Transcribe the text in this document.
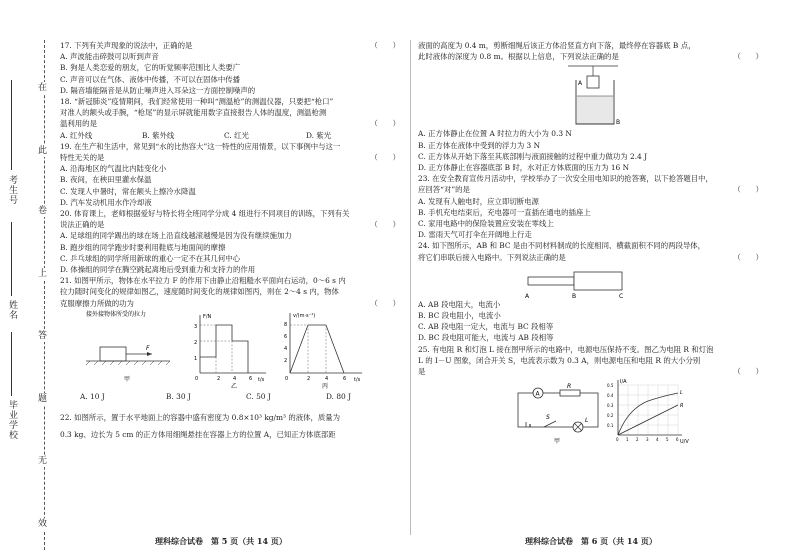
在
此
卷
上
答
题
无
效
考生号
姓名
毕业学校

17. 下列有关声现象的说法中，正确的是	（　　）

A. 声波能击碎鼓可以听到声音

B. 狗是人类恋爱的朋友，它的听觉频率范围比人类要广

C. 声音可以在气体、液体中传播，不可以在固体中传播

D. 隔音墙能隔音是从防止噪声进入耳朵这一方面控制噪声的

18. “新冠肺炎”疫情期间，我们经常使用一种叫“测温枪”的测温仪器，只要把“枪口”

对准人的额头或手腕，“枪尾”的显示屏就能用数字直接报告人体的温度，测温枪测

温利用的是	（　　）

A. 红外线	B. 紫外线	C. 红光	D. 紫光

19. 在生产和生活中，常见到“水的比热容大”这一特性的应用情景，以下事例中与这一

特性无关的是	（　　）

A. 沿海地区的气温比内陆变化小

B. 夜间，在秧田里灌水保温

C. 发现人中暑时，常在额头上擦冷水降温

D. 汽车发动机用水作冷却液

20. 体育课上，老师根据爱好与特长将全班同学分成 4 组进行不同项目的训练，下列有关

说法正确的是	（　　）

A. 足球组的同学踢出的球在场上沿直线越滚越慢是因为没有继续施加力

B. 跑步组的同学跑步时要利用鞋底与地面间的摩擦

C. 乒乓球组的同学所用新球的重心一定不在其几何中心

D. 体操组的同学在腾空跳起离地后受到重力和支持力的作用

21. 如图甲所示，物体在水平拉力 F 的作用下由静止沿粗糙水平面向右运动，0～6 s 内

拉力随时间变化的规律如图乙，速度随时间变化的规律如图丙，则在 2～4 s 内，物体

克服摩擦力所做的功为	（　　）

接外接物体所受的拉力
F
甲
F/N
t/s
3
2
1
0	2	4	6
乙
v/(m·s⁻¹)
t/s
8
6
4
2
0	2	4	6
丙

A. 10 J	B. 30 J	C. 50 J	D. 80 J

22. 如图所示，置于水平地面上的容器中盛有密度为 0.8×10³ kg/m³ 的液体，质量为

0.3 kg、边长为 5 cm 的正方体用细绳悬挂在容器上方的位置 A，已知正方体底部距

理科综合试卷　第 5 页（共 14 页）

液面的高度为 0.4 m，剪断细绳后该正方体沿竖直方向下落，最终停在容器底 B 点，

此时液体的深度为 0.8 m。根据以上信息，下列说法正确的是	（　　）

A
B

A. 正方体静止在位置 A 时拉力的大小为 0.3 N

B. 正方体在液体中受到的浮力为 3 N

C. 正方体从开始下落至其底部刚与液面接触的过程中重力做功为 2.4 J

D. 正方体静止在容器底部 B 时，水对正方体底面的压力为 16 N

23. 在安全教育宣传月活动中，学校举办了一次安全用电知识的抢答赛，以下抢答题目中，

应回答“对”的是	（　　）

A. 发现有人触电时，应立即切断电源

B. 手机充电结束后，充电器可一直插在通电的插座上

C. 家用电路中的保险装置应安装在零线上

D. 雷雨天气可打伞在开阔地上行走

24. 如下图所示，AB 和 BC 是由不同材料制成的长度相同、横截面积不同的两段导体，

将它们串联后接入电路中。下列说法正确的是	（　　）

A	B	C

A. AB 段电阻大，电流小

B. BC 段电阻小，电流小

C. AB 段电阻一定大，电流与 BC 段相等

D. BC 段电阻可能大，电流与 AB 段相等

25. 有电阻 R 和灯泡 L 接在图甲所示的电路中，电源电压保持不变。图乙为电阻 R 和灯泡

L 的 I－U 图象，闭合开关 S，电流表示数为 0.3 A，则电源电压和电阻 R 的大小分别

是	（　　）

A
R
S	L
甲
I/A
U/V
0.5
0.4
0.3
0.2
0.1
0 1 2 3 4 5 6
R
L
理科综合试卷　第 6 页（共 14 页）
